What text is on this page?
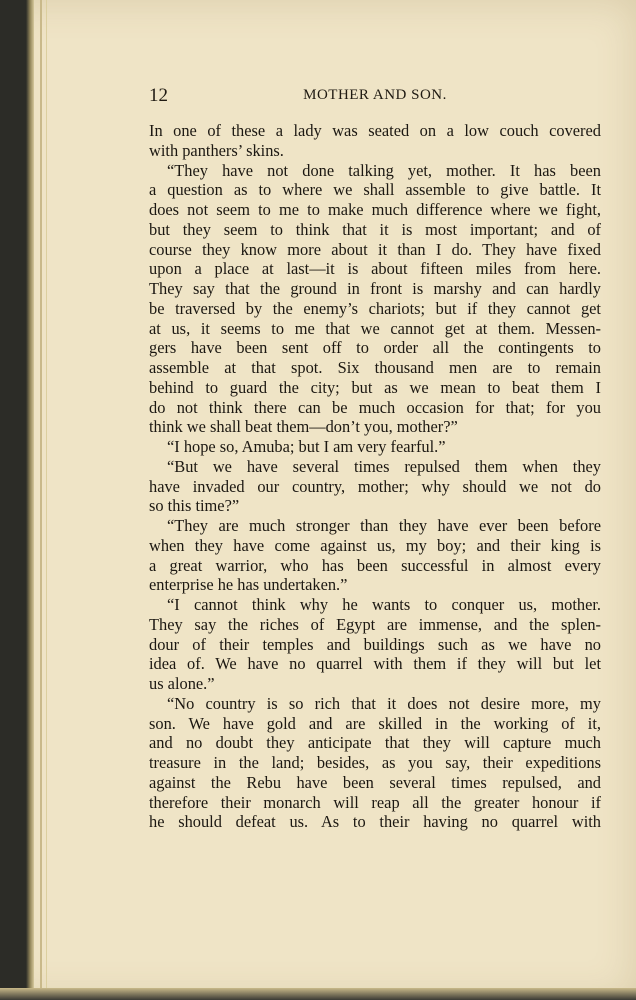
12	MOTHER AND SON.
In one of these a lady was seated on a low couch covered
with panthers’ skins.
“They have not done talking yet, mother. It has been
a question as to where we shall assemble to give battle. It
does not seem to me to make much difference where we fight,
but they seem to think that it is most important; and of
course they know more about it than I do. They have fixed
upon a place at last—it is about fifteen miles from here.
They say that the ground in front is marshy and can hardly
be traversed by the enemy’s chariots; but if they cannot get
at us, it seems to me that we cannot get at them. Messen-
gers have been sent off to order all the contingents to
assemble at that spot. Six thousand men are to remain
behind to guard the city; but as we mean to beat them I
do not think there can be much occasion for that; for you
think we shall beat them—don’t you, mother?”
“I hope so, Amuba; but I am very fearful.”
“But we have several times repulsed them when they
have invaded our country, mother; why should we not do
so this time?”
“They are much stronger than they have ever been before
when they have come against us, my boy; and their king is
a great warrior, who has been successful in almost every
enterprise he has undertaken.”
“I cannot think why he wants to conquer us, mother.
They say the riches of Egypt are immense, and the splen-
dour of their temples and buildings such as we have no
idea of. We have no quarrel with them if they will but let
us alone.”
“No country is so rich that it does not desire more, my
son. We have gold and are skilled in the working of it,
and no doubt they anticipate that they will capture much
treasure in the land; besides, as you say, their expeditions
against the Rebu have been several times repulsed, and
therefore their monarch will reap all the greater honour if
he should defeat us. As to their having no quarrel with
